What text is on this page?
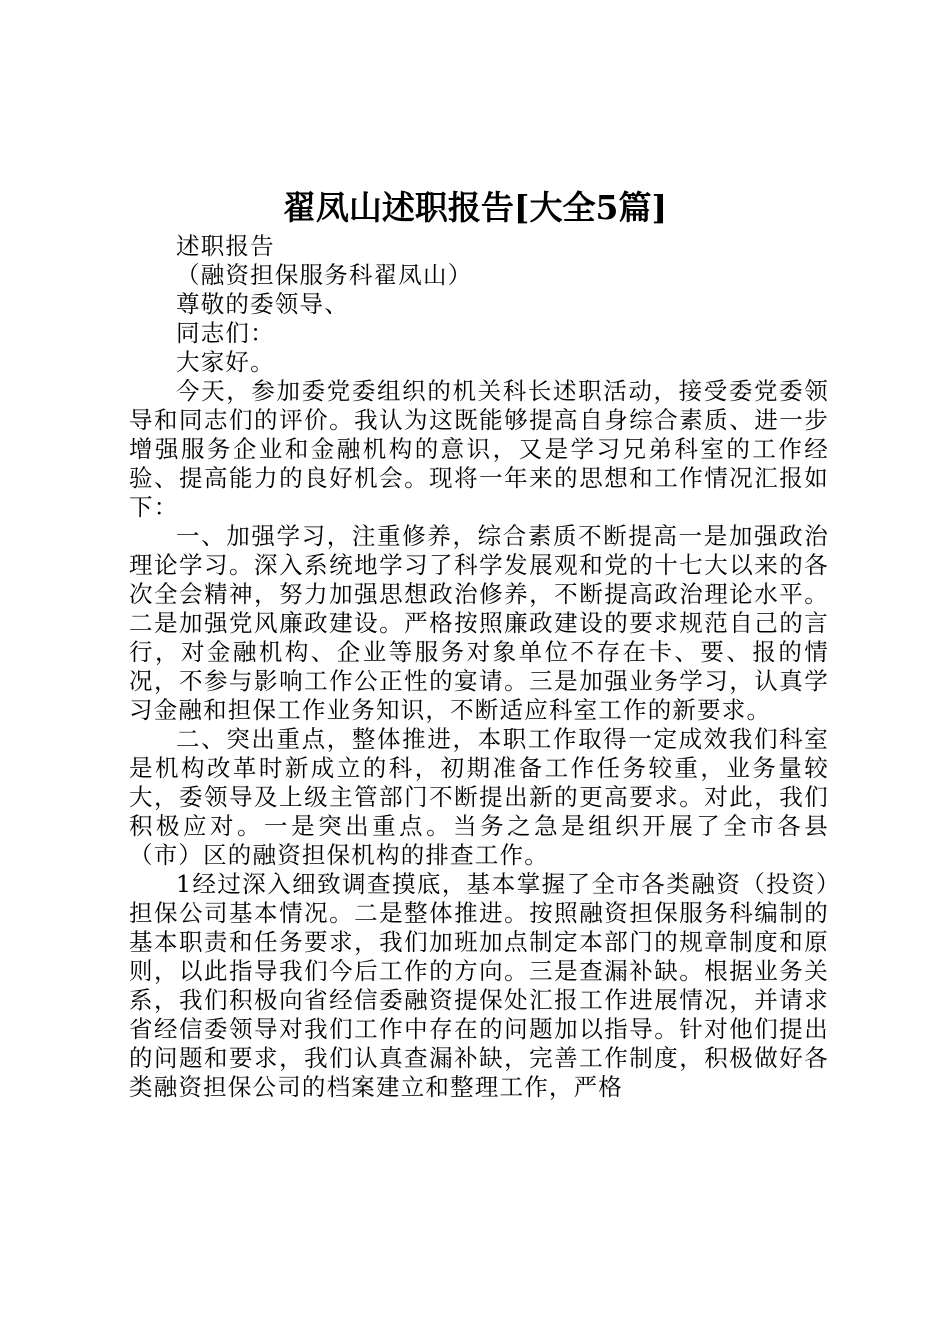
翟凤山述职报告[大全5篇]

述职报告

（融资担保服务科翟凤山）

尊敬的委领导、

同志们：

大家好。

今天，参加委党委组织的机关科长述职活动，接受委党委领导和同志们的评价。我认为这既能够提高自身综合素质、进一步增强服务企业和金融机构的意识，又是学习兄弟科室的工作经验、提高能力的良好机会。现将一年来的思想和工作情况汇报如下：

一、加强学习，注重修养，综合素质不断提高一是加强政治理论学习。深入系统地学习了科学发展观和党的十七大以来的各次全会精神，努力加强思想政治修养，不断提高政治理论水平。二是加强党风廉政建设。严格按照廉政建设的要求规范自己的言行，对金融机构、企业等服务对象单位不存在卡、要、报的情况，不参与影响工作公正性的宴请。三是加强业务学习，认真学习金融和担保工作业务知识，不断适应科室工作的新要求。

二、突出重点，整体推进，本职工作取得一定成效我们科室是机构改革时新成立的科，初期准备工作任务较重，业务量较大，委领导及上级主管部门不断提出新的更高要求。对此，我们积极应对。一是突出重点。当务之急是组织开展了全市各县（市）区的融资担保机构的排查工作。

1经过深入细致调查摸底，基本掌握了全市各类融资（投资）担保公司基本情况。二是整体推进。按照融资担保服务科编制的基本职责和任务要求，我们加班加点制定本部门的规章制度和原则，以此指导我们今后工作的方向。三是查漏补缺。根据业务关系，我们积极向省经信委融资提保处汇报工作进展情况，并请求省经信委领导对我们工作中存在的问题加以指导。针对他们提出的问题和要求，我们认真查漏补缺，完善工作制度，积极做好各类融资担保公司的档案建立和整理工作，严格
